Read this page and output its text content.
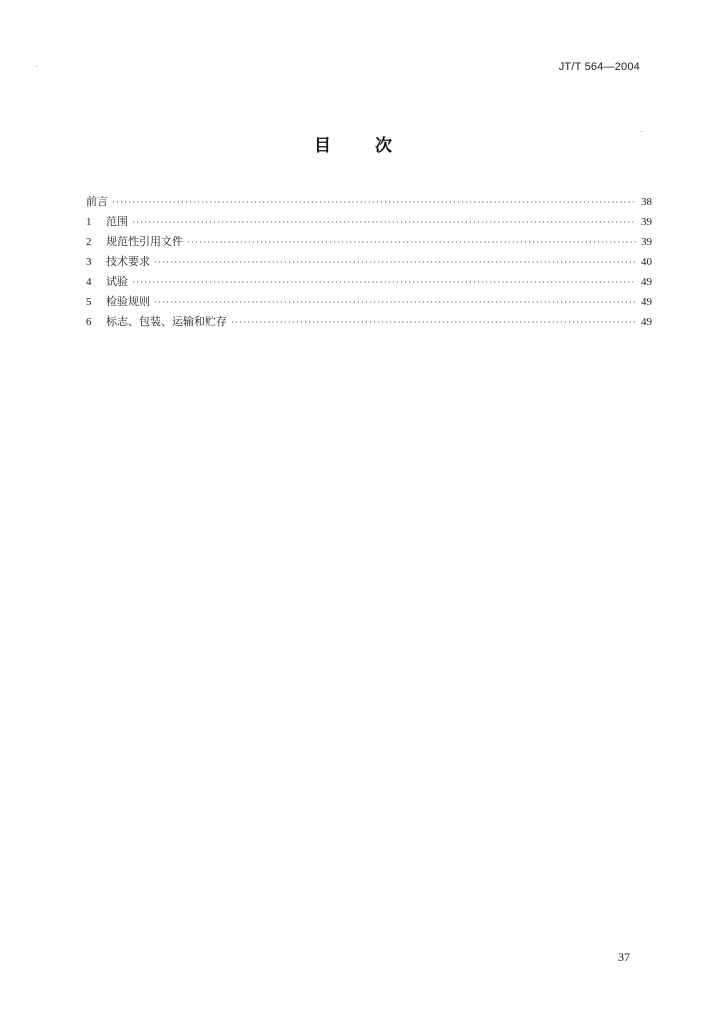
JT/T 564—2004
目	次
前言 ·····	38
1	范围 ·····	39
2	规范性引用文件 ·····	39
3	技术要求 ·····	40
4	试验 ·····	49
5	检验规则 ·····	49
6	标志、包装、运输和贮存 ·····	49
37
